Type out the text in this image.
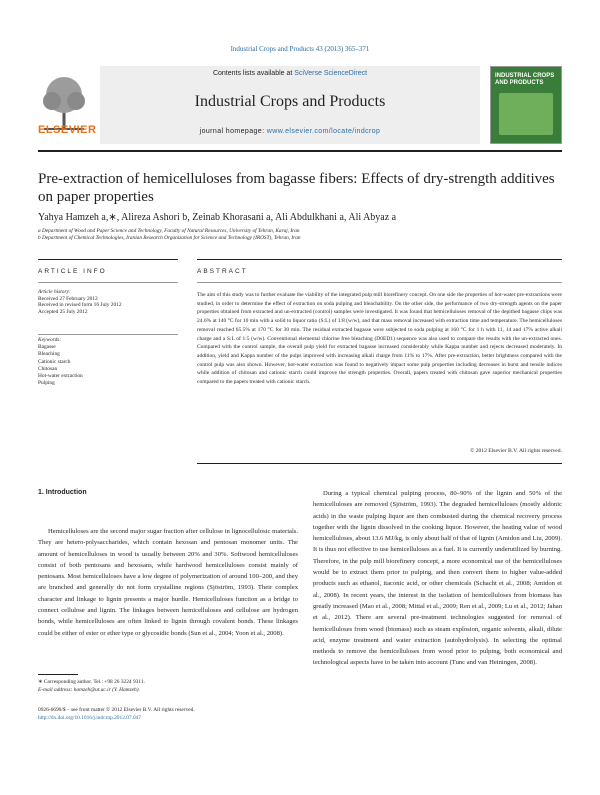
Industrial Crops and Products 43 (2013) 365–371
ELSEVIER
Contents lists available at SciVerse ScienceDirect
Industrial Crops and Products
journal homepage: www.elsevier.com/locate/indcrop
INDUSTRIAL CROPS AND PRODUCTS
Pre-extraction of hemicelluloses from bagasse fibers: Effects of dry-strength additives on paper properties
Yahya Hamzeh a,∗, Alireza Ashori b, Zeinab Khorasani a, Ali Abdulkhani a, Ali Abyaz a
a Department of Wood and Paper Science and Technology, Faculty of Natural Resources, University of Tehran, Karaj, Iran
b Department of Chemical Technologies, Iranian Research Organization for Science and Technology (IROST), Tehran, Iran
ARTICLE INFO	ABSTRACT
Article history:
Received 27 February 2012
Received in revised form 16 July 2012
Accepted 25 July 2012
Keywords:
Bagasse
Bleaching
Cationic starch
Chitosan
Hot-water extraction
Pulping
The aim of this study was to further evaluate the viability of the integrated pulp mill biorefinery concept. On one side the properties of hot-water pre-extractions were studied, in order to determine the effect of extraction on soda pulping and bleachability. On the other side, the performance of two dry-strength agents on the paper properties obtained from extracted and un-extracted (control) samples were investigated. It was found that hemicelluloses removal of the depithed bagasse chips was 24.6% at 140 °C for 10 min with a solid to liquor ratio (S:L) of 1:8 (w/w), and that mass removal increased with extraction time and temperature. The hemicelluloses removal reached 65.5% at 170 °C for 30 min. The residual extracted bagasse were subjected to soda pulping at 160 °C for 1 h with 11, 14 and 17% active alkali charge and a S:L of 1:5 (w/w). Conventional elemental chlorine free bleaching (D0ED1) sequence was also used to compare the results with the un-extracted ones. Compared with the control sample, the overall pulp yield for extracted bagasse increased considerably while Kappa number and rejects decreased moderately. In addition, yield and Kappa number of the pulps improved with increasing alkali charge from 11% to 17%. After pre-extraction, better brightness compared with the control pulp was also shown. However, hot-water extraction was found to negatively impact some pulp properties including decreases in burst and tensile indices while addition of chitosan and cationic starch could improve the strength properties. Overall, papers treated with chitosan gave superior mechanical properties compared to the papers treated with cationic starch.
© 2012 Elsevier B.V. All rights reserved.
1. Introduction

Hemicelluloses are the second major sugar fraction after cellulose in lignocellulosic materials. They are hetero-polysaccharides, which contain hexosan and pentosan monomer units. The amount of hemicelluloses in wood is usually between 20% and 30%. Softwood hemicelluloses consist of both pentosans and hexosans, while hardwood hemicelluloses consist mainly of pentosans. Most hemicelluloses have a low degree of polymerization of around 100–200, and they are branched and generally do not form crystalline regions (Sjöström, 1993). Their complex character and linkage to lignin presents a major hurdle. Hemicelluloses function as a bridge to connect cellulose and lignin. The linkages between hemicelluloses and cellulose are hydrogen bonds, while hemicelluloses are often linked to lignin through covalent bonds. These linkages could be either of ester or ether type or glycosidic bonds (Sun et al., 2004; Yoon et al., 2008).

During a typical chemical pulping process, 80–90% of the lignin and 50% of the hemicelluloses are removed (Sjöström, 1993). The degraded hemicelluloses (mostly aldonic acids) in the waste pulping liquor are then combusted during the chemical recovery process together with the lignin dissolved in the cooking liquor. However, the heating value of wood hemicelluloses, about 13.6 MJ/kg, is only about half of that of lignin (Amidon and Liu, 2009). It is thus not effective to use hemicelluloses as a fuel. It is currently underutilized by burning. Therefore, in the pulp mill biorefinery concept, a more economical use of the hemicelluloses would be to extract them prior to pulping, and then convert them to higher value-added products such as ethanol, itaconic acid, or other chemicals (Schacht et al., 2008; Amidon et al., 2008). In recent years, the interest in the isolation of hemicelluloses from biomass has greatly increased (Mao et al., 2008; Mittal et al., 2009; Ren et al., 2009; Lu et al., 2012; Jahan et al., 2012). There are several pre-treatment technologies suggested for removal of hemicelluloses from wood (biomass) such as steam explosion, organic solvents, alkali, dilute acid, enzyme treatment and water extraction (autohydrolysis). In selecting the optimal methods to remove the hemicelluloses from wood prior to pulping, both economical and technological aspects have to be taken into account (Tunc and van Heiningen, 2008).

∗ Corresponding author. Tel.: +98 26 3224 9311.
E-mail address: hamzeh@ut.ac.ir (Y. Hamzeh).
0926-6690/$ – see front matter © 2012 Elsevier B.V. All rights reserved.
http://dx.doi.org/10.1016/j.indcrop.2012.07.047
